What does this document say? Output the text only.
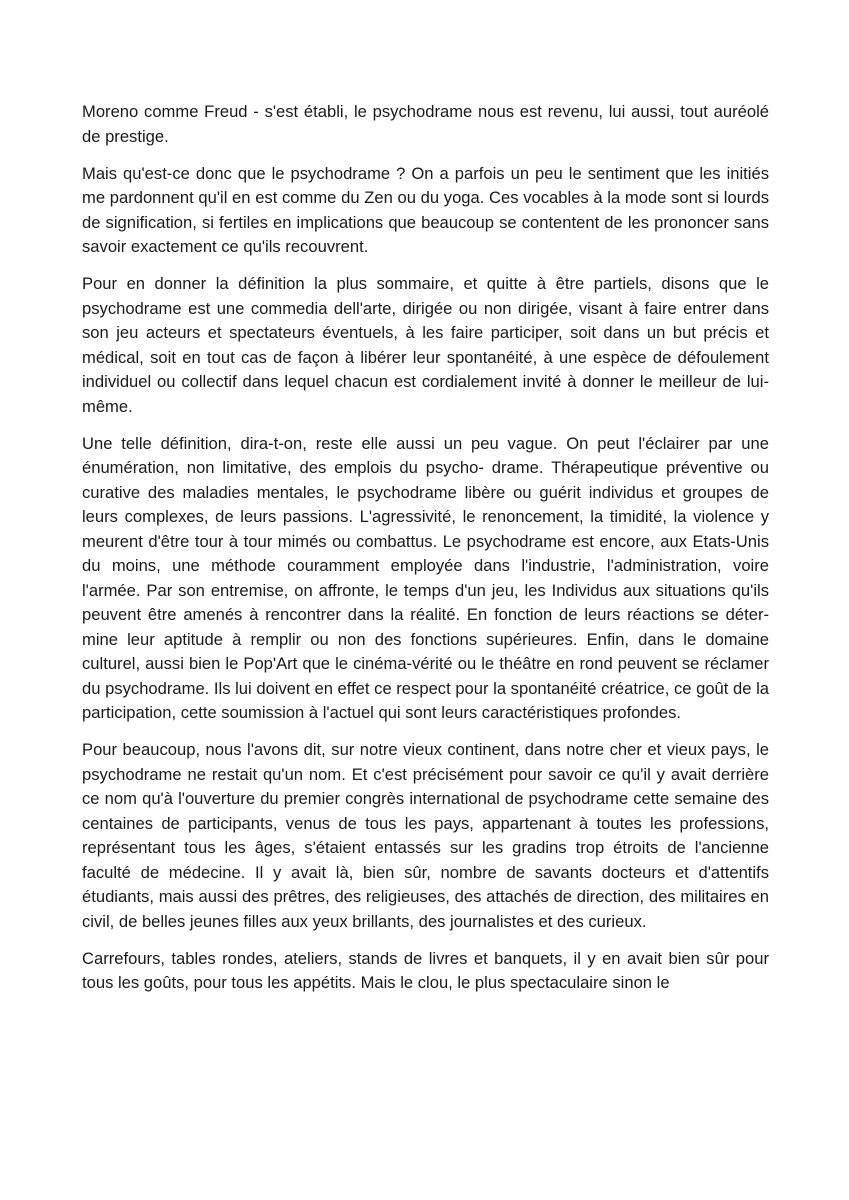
Moreno comme Freud - s'est établi, le psychodrame nous est revenu, lui aussi, tout auréolé de prestige.

Mais qu'est-ce donc que le psychodrame ? On a parfois un peu le sentiment que les initiés me pardonnent qu'il en est comme du Zen ou du yoga. Ces vocables à la mode sont si lourds de signification, si fertiles en implications que beaucoup se contentent de les prononcer sans savoir exactement ce qu'ils recouvrent.

Pour en donner la définition la plus sommaire, et quitte à être partiels, disons que le psychodrame est une commedia dell'arte, dirigée ou non dirigée, visant à faire entrer dans son jeu acteurs et spectateurs éventuels, à les faire participer, soit dans un but précis et médical, soit en tout cas de façon à libérer leur spontanéité, à une espèce de défoulement individuel ou collectif dans lequel chacun est cordialement invité à donner le meilleur de lui-même.

Une telle définition, dira-t-on, reste elle aussi un peu vague. On peut l'éclairer par une énumération, non limitative, des emplois du psycho- drame. Thérapeutique préventive ou curative des maladies mentales, le psychodrame libère ou guérit individus et groupes de leurs complexes, de leurs passions. L'agressivité, le renoncement, la timidité, la violence y meurent d'être tour à tour mimés ou combattus. Le psychodrame est encore, aux Etats-Unis du moins, une méthode couramment employée dans l'industrie, l'administration, voire l'armée. Par son entremise, on affronte, le temps d'un jeu, les Individus aux situations qu'ils peuvent être amenés à rencontrer dans la réalité. En fonction de leurs réactions se déter- mine leur aptitude à remplir ou non des fonctions supérieures. Enfin, dans le domaine culturel, aussi bien le Pop'Art que le cinéma-vérité ou le théâtre en rond peuvent se réclamer du psychodrame. Ils lui doivent en effet ce respect pour la spontanéité créatrice, ce goût de la participation, cette soumission à l'actuel qui sont leurs caractéristiques profondes.

Pour beaucoup, nous l'avons dit, sur notre vieux continent, dans notre cher et vieux pays, le psychodrame ne restait qu'un nom. Et c'est précisément pour savoir ce qu'il y avait derrière ce nom qu'à l'ouverture du premier congrès international de psychodrame cette semaine des centaines de participants, venus de tous les pays, appartenant à toutes les professions, représentant tous les âges, s'étaient entassés sur les gradins trop étroits de l'ancienne faculté de médecine. Il y avait là, bien sûr, nombre de savants docteurs et d'attentifs étudiants, mais aussi des prêtres, des religieuses, des attachés de direction, des militaires en civil, de belles jeunes filles aux yeux brillants, des journalistes et des curieux.

Carrefours, tables rondes, ateliers, stands de livres et banquets, il y en avait bien sûr pour tous les goûts, pour tous les appétits. Mais le clou, le plus spectaculaire sinon le
